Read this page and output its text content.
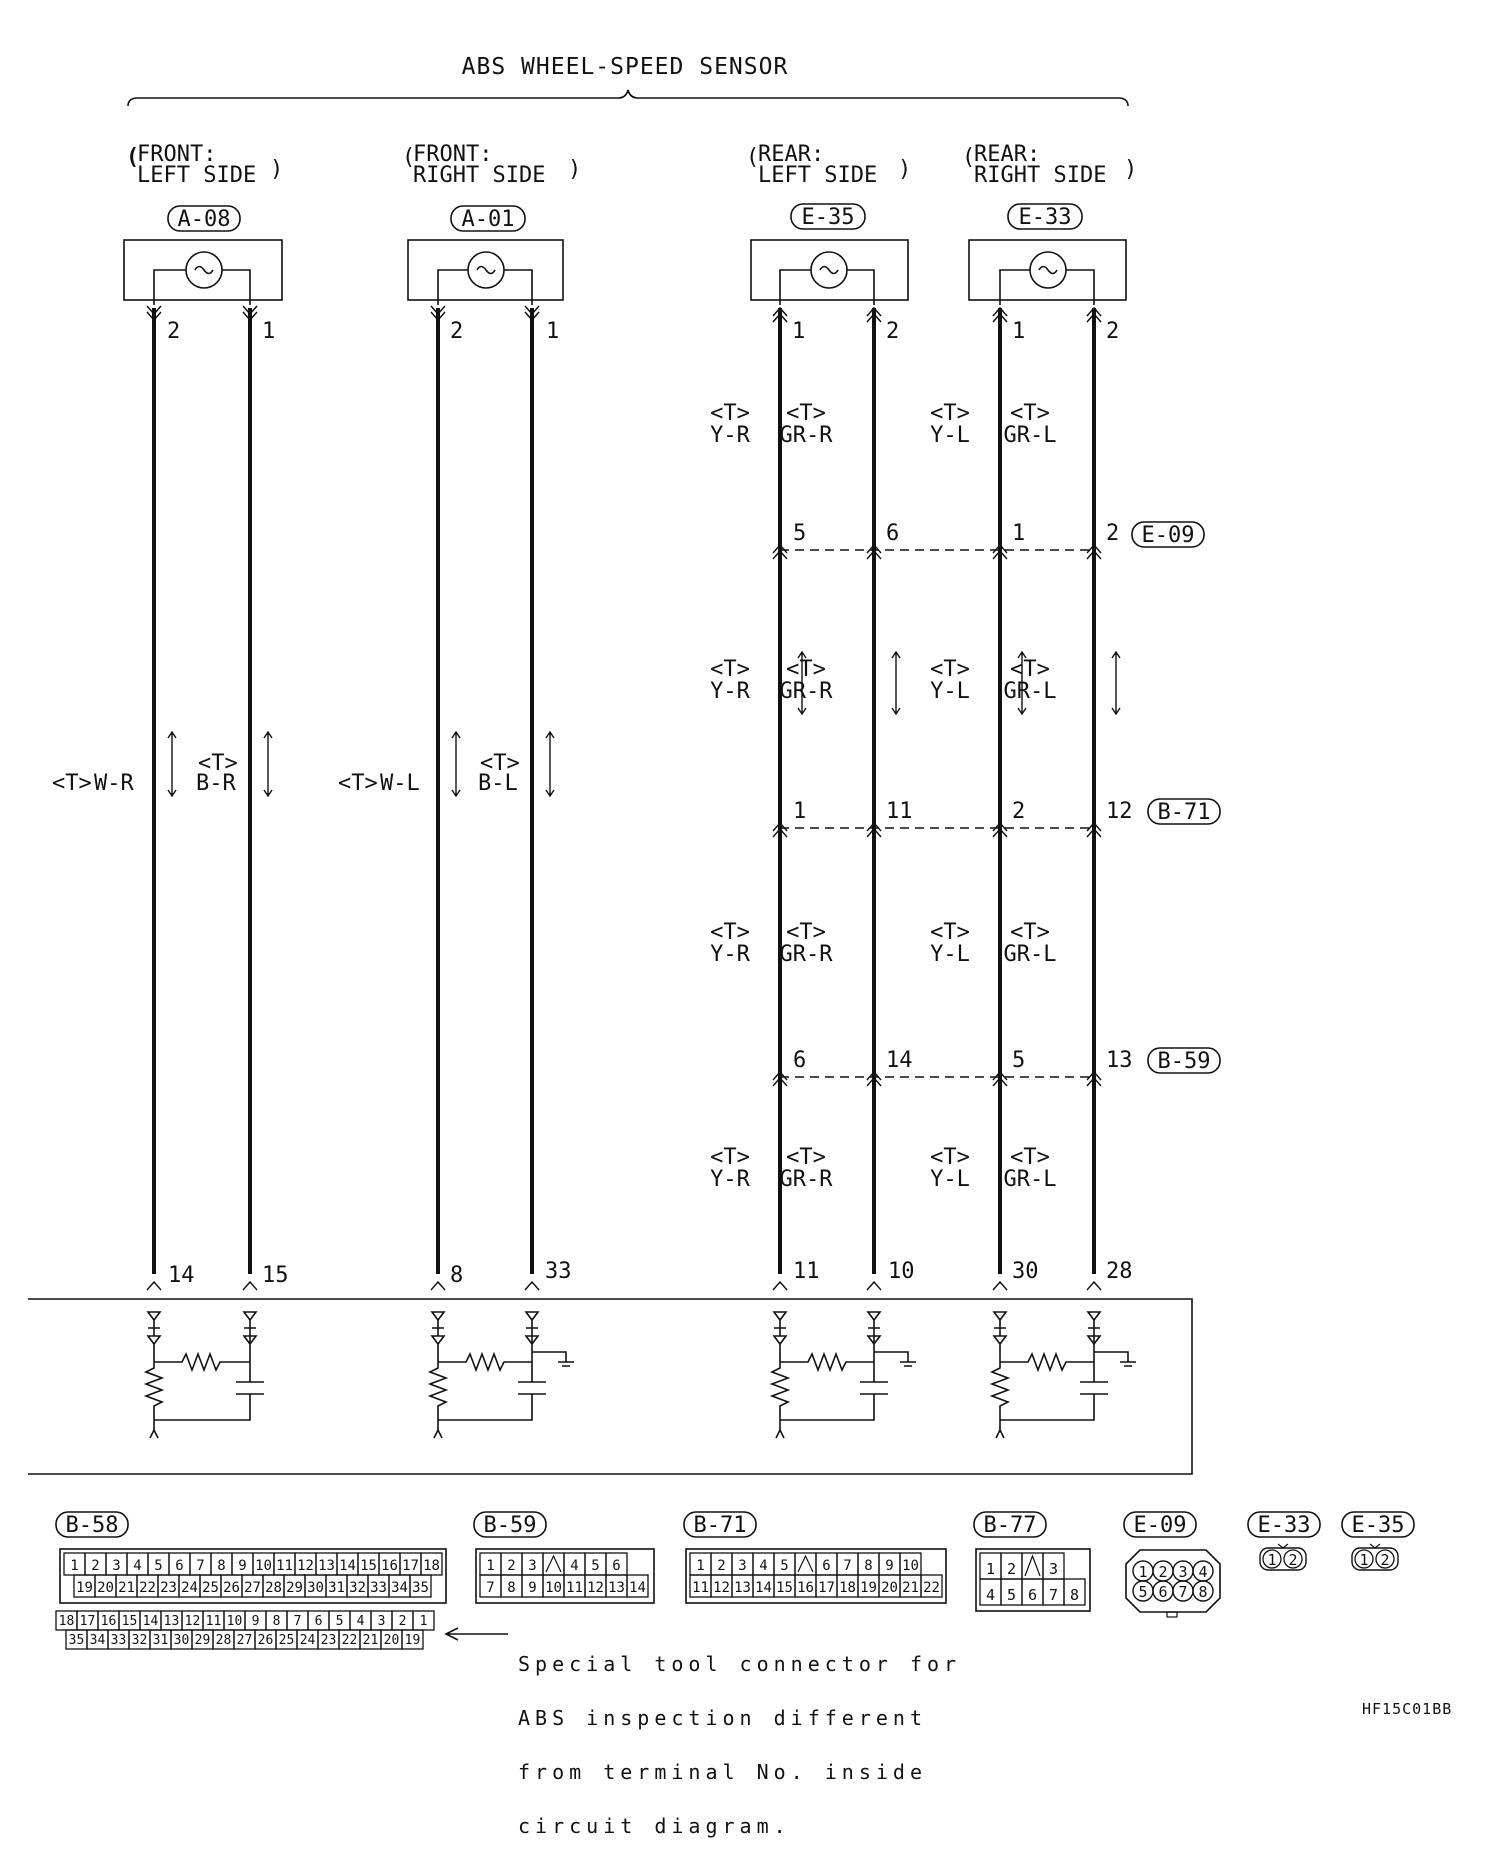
ABS WHEEL-SPEED SENSOR
(
FRONT:
LEFT SIDE )
A-08
(
FRONT:
RIGHT SIDE )
A-01
(
REAR:
LEFT SIDE )
E-35
(
REAR:
RIGHT SIDE )
E-33
2	1	2	1	1	2	1	2
<T> W-R
<T>
B-R	<T> W-L
<T>
B-L
<T>
Y-R
<T>
GR-R
<T>
Y-L
<T>
GR-L
<T>
Y-R
<T>
GR-R
<T>
Y-L
<T>
GR-L
<T>
Y-R
<T>
GR-R
<T>
Y-L
<T>
GR-L
<T>
Y-R
<T>
GR-R
<T>
Y-L
<T>
GR-L
5	6	1	2 E-09
1	11	2	12 B-71
6	14	5	13 B-59
14	15	8	33	11	10	30	28
B-58
1 2 3 4 5 6 7 8 9 10 11 12 13 14 15 16 17 18
19 20 21 22 23 24 25 26 27 28 29 30 31 32 33 34 35
18 17 16 15 14 13 12 11 10 9 8 7 6 5 4 3 2 1
35 34 33 32 31 30 29 28 27 26 25 24 23 22 21 20 19
B-59
1 2 3 4 5 6
7 8 9 10 11 12 13 14
B-71
1 2 3 4 5 6 7 8 9 10
11 12 13 14 15 16 17 18 19 20 21 22
B-77
1 2 3
4 5 6 7 8
E-09
1 2 3 4
5 6 7 8
E-33
1 2
E-35
1 2

Special tool connector for

ABS inspection different

from terminal No. inside

circuit diagram.

HF15C01BB
